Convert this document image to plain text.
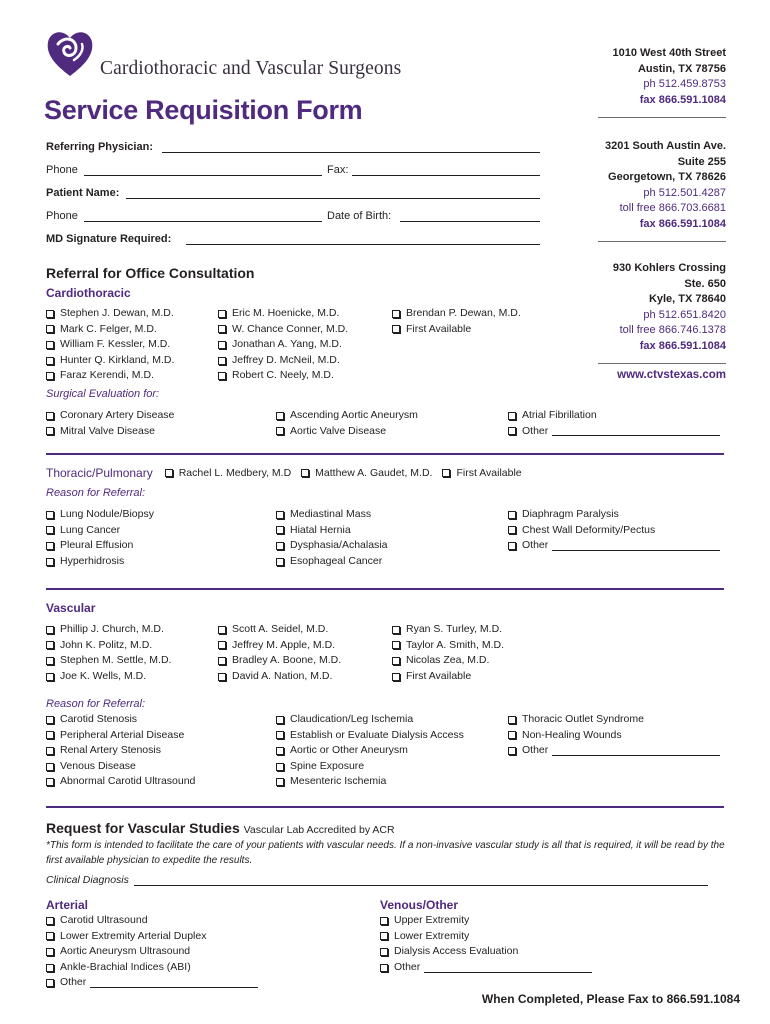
Cardiothoracic and Vascular Surgeons
Service Requisition Form
1010 West 40th Street
Austin, TX 78756
ph 512.459.8753
fax 866.591.1084
3201 South Austin Ave.
Suite 255
Georgetown, TX 78626
ph 512.501.4287
toll free 866.703.6681
fax 866.591.1084
930 Kohlers Crossing
Ste. 650
Kyle, TX 78640
ph 512.651.8420
toll free 866.746.1378
fax 866.591.1084
www.ctvstexas.com
Referring Physician:
Phone	Fax:
Patient Name:
Phone	Date of Birth:
MD Signature Required:
Referral for Office Consultation
Cardiothoracic
Stephen J. Dewan, M.D.
Mark C. Felger, M.D.
William F. Kessler, M.D.
Hunter Q. Kirkland, M.D.
Faraz Kerendi, M.D.
Eric M. Hoenicke, M.D.
W. Chance Conner, M.D.
Jonathan A. Yang, M.D.
Jeffrey D. McNeil, M.D.
Robert C. Neely, M.D.
Brendan P. Dewan, M.D.
First Available
Surgical Evaluation for:
Coronary Artery Disease
Mitral Valve Disease
Ascending Aortic Aneurysm
Aortic Valve Disease
Atrial Fibrillation
Other
Thoracic/Pulmonary Rachel L. Medbery, M.D Matthew A. Gaudet, M.D. First Available
Reason for Referral:
Lung Nodule/Biopsy
Lung Cancer
Pleural Effusion
Hyperhidrosis
Mediastinal Mass
Hiatal Hernia
Dysphasia/Achalasia
Esophageal Cancer
Diaphragm Paralysis
Chest Wall Deformity/Pectus
Other
Vascular
Phillip J. Church, M.D.
John K. Politz, M.D.
Stephen M. Settle, M.D.
Joe K. Wells, M.D.
Scott A. Seidel, M.D.
Jeffrey M. Apple, M.D.
Bradley A. Boone, M.D.
David A. Nation, M.D.
Ryan S. Turley, M.D.
Taylor A. Smith, M.D.
Nicolas Zea, M.D.
First Available
Reason for Referral:
Carotid Stenosis
Peripheral Arterial Disease
Renal Artery Stenosis
Venous Disease
Abnormal Carotid Ultrasound
Claudication/Leg Ischemia
Establish or Evaluate Dialysis Access
Aortic or Other Aneurysm
Spine Exposure
Mesenteric Ischemia
Thoracic Outlet Syndrome
Non-Healing Wounds
Other
Request for Vascular Studies Vascular Lab Accredited by ACR
*This form is intended to facilitate the care of your patients with vascular needs. If a non-invasive vascular study is all that is required, it will be read by the first available physician to expedite the results.
Clinical Diagnosis
Arterial
Carotid Ultrasound
Lower Extremity Arterial Duplex
Aortic Aneurysm Ultrasound
Ankle-Brachial Indices (ABI)
Other
Venous/Other
Upper Extremity
Lower Extremity
Dialysis Access Evaluation
Other
When Completed, Please Fax to 866.591.1084
